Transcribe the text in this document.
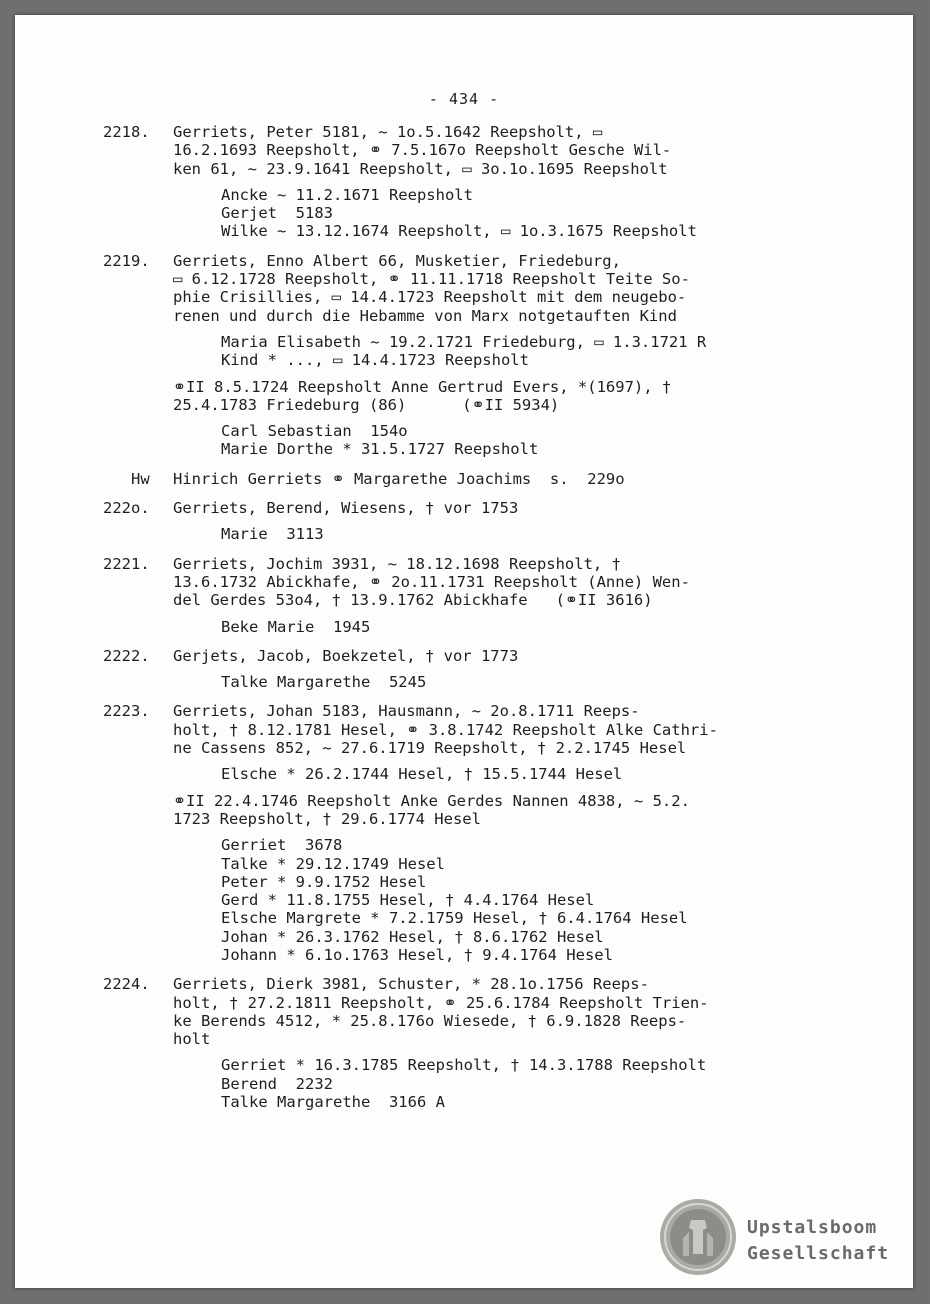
- 434 -
2218. Gerriets, Peter 5181, ~ 1o.5.1642 Reepsholt, ▭
16.2.1693 Reepsholt, ⚭ 7.5.167o Reepsholt Gesche Wil-
ken 61, ~ 23.9.1641 Reepsholt, ▭ 3o.1o.1695 Reepsholt
Ancke ~ 11.2.1671 Reepsholt
Gerjet  5183
Wilke ~ 13.12.1674 Reepsholt, ▭ 1o.3.1675 Reepsholt
2219. Gerriets, Enno Albert 66, Musketier, Friedeburg,
▭ 6.12.1728 Reepsholt, ⚭ 11.11.1718 Reepsholt Teite So-
phie Crisillies, ▭ 14.4.1723 Reepsholt mit dem neugebo-
renen und durch die Hebamme von Marx notgetauften Kind
Maria Elisabeth ~ 19.2.1721 Friedeburg, ▭ 1.3.1721 R
Kind * ..., ▭ 14.4.1723 Reepsholt
⚭II 8.5.1724 Reepsholt Anne Gertrud Evers, *(1697), †
25.4.1783 Friedeburg (86)      (⚭II 5934)
Carl Sebastian  154o
Marie Dorthe * 31.5.1727 Reepsholt
Hw Hinrich Gerriets ⚭ Margarethe Joachims  s.  229o
222o. Gerriets, Berend, Wiesens, † vor 1753
Marie  3113
2221. Gerriets, Jochim 3931, ~ 18.12.1698 Reepsholt, †
13.6.1732 Abickhafe, ⚭ 2o.11.1731 Reepsholt (Anne) Wen-
del Gerdes 53o4, † 13.9.1762 Abickhafe   (⚭II 3616)
Beke Marie  1945
2222. Gerjets, Jacob, Boekzetel, † vor 1773
Talke Margarethe  5245
2223. Gerriets, Johan 5183, Hausmann, ~ 2o.8.1711 Reeps-
holt, † 8.12.1781 Hesel, ⚭ 3.8.1742 Reepsholt Alke Cathri-
ne Cassens 852, ~ 27.6.1719 Reepsholt, † 2.2.1745 Hesel
Elsche * 26.2.1744 Hesel, † 15.5.1744 Hesel
⚭II 22.4.1746 Reepsholt Anke Gerdes Nannen 4838, ~ 5.2.
1723 Reepsholt, † 29.6.1774 Hesel
Gerriet  3678
Talke * 29.12.1749 Hesel
Peter * 9.9.1752 Hesel
Gerd * 11.8.1755 Hesel, † 4.4.1764 Hesel
Elsche Margrete * 7.2.1759 Hesel, † 6.4.1764 Hesel
Johan * 26.3.1762 Hesel, † 8.6.1762 Hesel
Johann * 6.1o.1763 Hesel, † 9.4.1764 Hesel
2224. Gerriets, Dierk 3981, Schuster, * 28.1o.1756 Reeps-
holt, † 27.2.1811 Reepsholt, ⚭ 25.6.1784 Reepsholt Trien-
ke Berends 4512, * 25.8.176o Wiesede, † 6.9.1828 Reeps-
holt
Gerriet * 16.3.1785 Reepsholt, † 14.3.1788 Reepsholt
Berend  2232
Talke Margarethe  3166 A
Upstalsboom
Gesellschaft
